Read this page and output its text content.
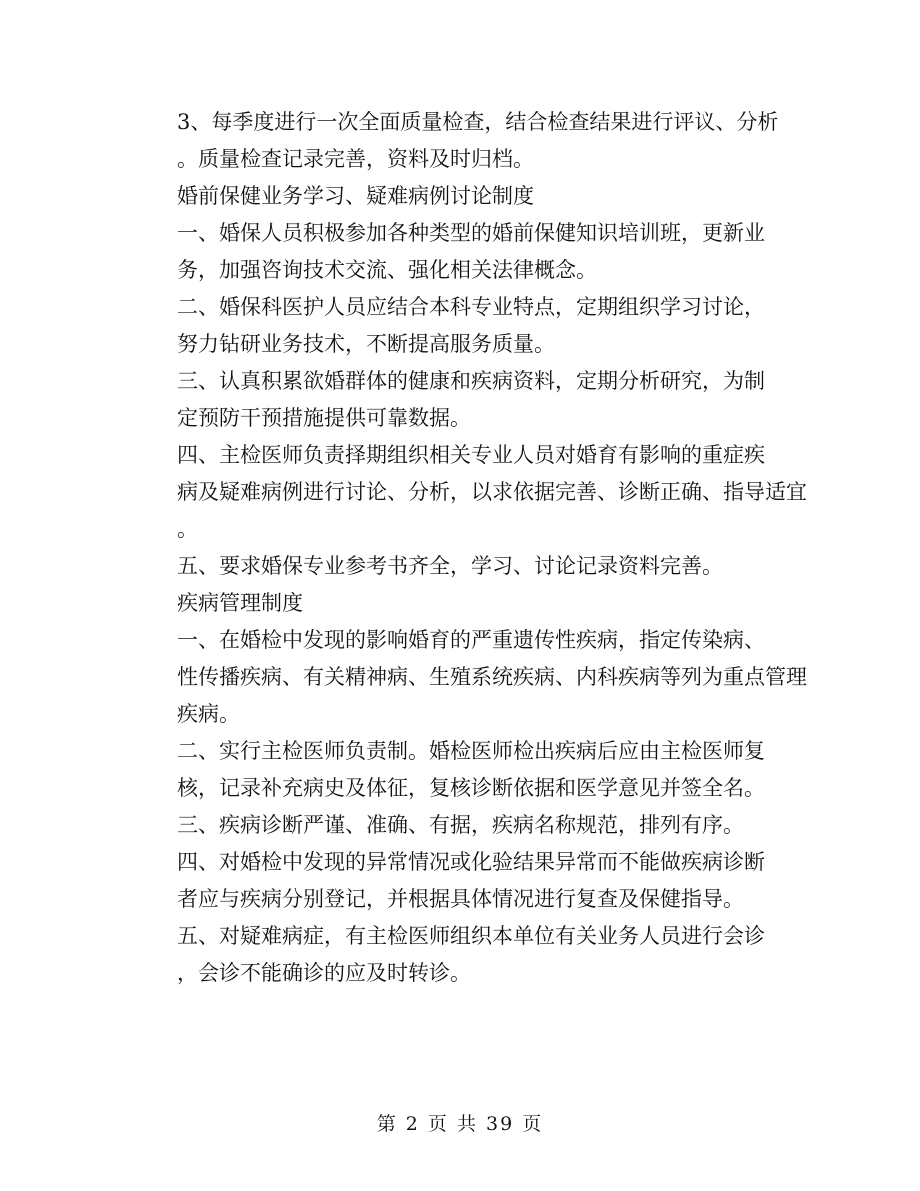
3、每季度进行一次全面质量检查，结合检查结果进行评议、分析
。质量检查记录完善，资料及时归档。

婚前保健业务学习、疑难病例讨论制度

一、婚保人员积极参加各种类型的婚前保健知识培训班，更新业
务，加强咨询技术交流、强化相关法律概念。

二、婚保科医护人员应结合本科专业特点，定期组织学习讨论，
努力钻研业务技术，不断提高服务质量。

三、认真积累欲婚群体的健康和疾病资料，定期分析研究，为制
定预防干预措施提供可靠数据。

四、主检医师负责择期组织相关专业人员对婚育有影响的重症疾
病及疑难病例进行讨论、分析，以求依据完善、诊断正确、指导适宜
。

五、要求婚保专业参考书齐全，学习、讨论记录资料完善。

疾病管理制度

一、在婚检中发现的影响婚育的严重遗传性疾病，指定传染病、
性传播疾病、有关精神病、生殖系统疾病、内科疾病等列为重点管理
疾病。

二、实行主检医师负责制。婚检医师检出疾病后应由主检医师复
核，记录补充病史及体征，复核诊断依据和医学意见并签全名。

三、疾病诊断严谨、准确、有据，疾病名称规范，排列有序。

四、对婚检中发现的异常情况或化验结果异常而不能做疾病诊断
者应与疾病分别登记，并根据具体情况进行复查及保健指导。

五、对疑难病症，有主检医师组织本单位有关业务人员进行会诊
，会诊不能确诊的应及时转诊。

第 2 页 共 39 页
